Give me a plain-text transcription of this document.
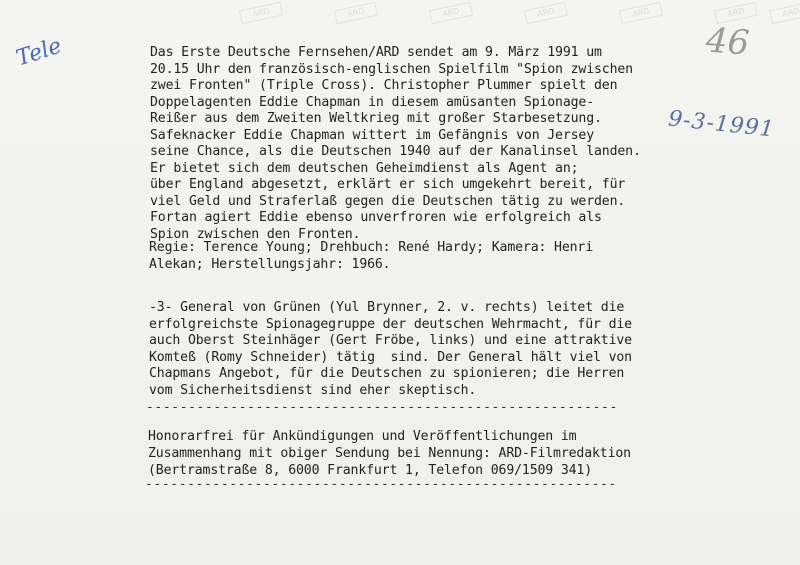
ARD	ARD	ARD	ARD	ARD	ARD	ARD
Das Erste Deutsche Fernsehen/ARD sendet am 9. März 1991 um
20.15 Uhr den französisch-englischen Spielfilm "Spion zwischen
zwei Fronten" (Triple Cross). Christopher Plummer spielt den
Doppelagenten Eddie Chapman in diesem amüsanten Spionage-
Reißer aus dem Zweiten Weltkrieg mit großer Starbesetzung.
Safeknacker Eddie Chapman wittert im Gefängnis von Jersey
seine Chance, als die Deutschen 1940 auf der Kanalinsel landen.
Er bietet sich dem deutschen Geheimdienst als Agent an;
über England abgesetzt, erklärt er sich umgekehrt bereit, für
viel Geld und Straferlaß gegen die Deutschen tätig zu werden.
Fortan agiert Eddie ebenso unverfroren wie erfolgreich als
Spion zwischen den Fronten.
Regie: Terence Young; Drehbuch: René Hardy; Kamera: Henri
Alekan; Herstellungsjahr: 1966.
-3- General von Grünen (Yul Brynner, 2. v. rechts) leitet die
erfolgreichste Spionagegruppe der deutschen Wehrmacht, für die
auch Oberst Steinhäger (Gert Fröbe, links) und eine attraktive
Komteß (Romy Schneider) tätig  sind. Der General hält viel von
Chapmans Angebot, für die Deutschen zu spionieren; die Herren
vom Sicherheitsdienst sind eher skeptisch.
--------------------------------------------------------
Honorarfrei für Ankündigungen und Veröffentlichungen im
Zusammenhang mit obiger Sendung bei Nennung: ARD-Filmredaktion
(Bertramstraße 8, 6000 Frankfurt 1, Telefon 069/1509 341)
--------------------------------------------------------
Tele	46
9-3-1991
